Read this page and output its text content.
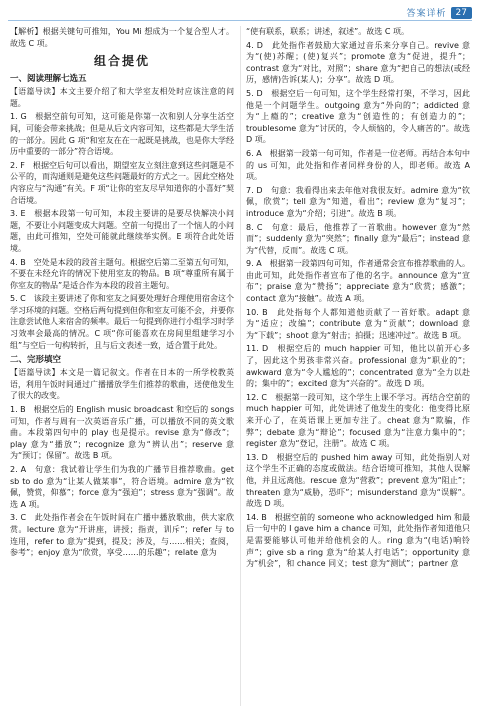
答案详析	27

【解析】根据关键句可推知，You Mi 想成为一个复合型人才。故选 C 项。

组合提优
一、阅读理解七选五

【语篇导读】本文主要介绍了和大学室友相处时应该注意的问题。

1. G　根据空前句可知，这可能是你第一次和别人分享生活空间，可能会带来挑战；但是从后文内容可知，这些都是大学生活的一部分。因此 G 项“和室友在在一起既是挑战，也是你大学经历中重要的一部分”符合语境。

2. F　根据空后句可以看出，期望室友立刻注意到这些问题是不公平的，而沟通则是避免这些问题最好的方式之一。因此空格处内容应与“沟通”有关。F 项“让你的室友尽早知道你的小喜好”契合语境。

3. E　根据本段第一句可知，本段主要讲的是要尽快解决小问题，不要让小问题变成大问题。空前一句提出了一个恼人的小问题，由此可推知，空处可能就此继续举实例。E 项符合此处语境。

4. B　空处是本段的段首主题句。根据空后第二至第五句可知，不要在未经允许的情况下使用室友的物品。B 项“尊重所有属于你室友的物品”是适合作为本段的段首主题句。

5. C　该段主要讲述了你和室友之间要处理好合理使用宿舍这个学习环境的问题。空格后两句提到但你和室友可能不会，并要你注意尝试他人来宿舍的频率。最后一句提到你进行小组学习时学习效率会最高的情况。C 项“你可能喜欢在房间里组建学习小组”与空后一句构转折，且与后文表述一致，适合置于此处。

二、完形填空

【语篇导读】本文是一篇记叙文。作者在日本的一所学校教英语，利用午饭时间通过广播播放学生们推荐的歌曲，送使他发生了很大的改变。

1. B　根据空后的 English music broadcast 和空后的 songs 可知，作者与周有一次英语音乐广播，可以播放不同的英文歌曲。本段第四句中的 play 也是提示。revise 意为“修改”；play 意为“播放”；recognize 意为“辨认出”；reserve 意为“预订；保留”。故选 B 项。

2. A　句意：我试着让学生们为我的广播节目推荐歌曲。get sb to do 意为“让某人做某事”，符合语境。admire 意为“钦佩，赞赏，仰慕”；force 意为“强迫”；stress 意为“强调”。故选 A 项。

3. C　此处指作者会在午饭时间在广播中播放歌曲，供大家欣赏。lecture 意为“开讲座，讲授；指责，训斥”；refer 与 to 连用，refer to 意为“提到，提及；涉及，与……相关；查阅，参考”；enjoy 意为“欣赏，享受……的乐趣”；relate 意为

“使有联系，联系；讲述，叙述”。故选 C 项。

4. D　此处指作者鼓励大家通过音乐来分享自己。revive 意为“(使)苏醒；(使)复兴”；promote 意为“促进，提升”；contrast 意为“对比，对照”；share 意为“把自己的想法(或经历，感情)告诉(某人)；分享”。故选 D 项。

5. D　根据空后一句可知，这个学生经常打架，不学习，因此他是一个问题学生。outgoing 意为“外向的”；addicted 意为“上瘾的”；creative 意为“创造性的；有创造力的”；troublesome 意为“讨厌的，令人烦恼的，令人痛苦的”。故选 D 项。

6. A　根据第一段第一句可知，作者是一位老师。再结合本句中的 us 可知，此处指和作者同样身份的人，即老师。故选 A 项。

7. D　句意：我看得出来去年他对我很友好。admire 意为“钦佩，欣赏”；tell 意为“知道，看出”；review 意为“复习”；introduce 意为“介绍；引进”。故选 B 项。

8. C　句意：最后，他推荐了一首歌曲。however 意为“然而”；suddenly 意为“突然”；finally 意为“最后”；instead 意为“代替，反而”。故选 C 项。

9. A　根据第一段第四句可知，作者通常会宣布推荐歌曲的人。由此可知，此处指作者宣布了他的名字。announce 意为“宣布”；praise 意为“赞扬”；appreciate 意为“欣赏；感激”；contact 意为“接触”。故选 A 项。

10. B　此处指每个人都知道他贡献了一首好歌。adapt 意为“适应；改编”；contribute 意为“贡献”；download 意为“下载”；shoot 意为“射击；拍摄；迅速冲过”。故选 B 项。

11. D　根据空后的 much happier 可知，他比以前开心多了，因此这个男孩非常兴奋。professional 意为“职业的”；awkward 意为“令人尴尬的”；concentrated 意为“全力以赴的；集中的”；excited 意为“兴奋的”。故选 D 项。

12. C　根据第一段可知，这个学生上课不学习。再结合空前的 much happier 可知，此处讲述了他发生的变化：他变得比原来开心了，在英语课上更加专注了。cheat 意为“欺骗，作弊”；debate 意为“辩论”；focused 意为“注意力集中的”；register 意为“登记，注册”。故选 C 项。

13. D　根据空后的 pushed him away 可知，此处指别人对这个学生不正确的态度或做法。结合语境可推知，其他人误解他，并且远离他。rescue 意为“营救”；prevent 意为“阻止”；threaten 意为“威胁，恐吓”；misunderstand 意为“误解”。故选 D 项。

14. B　根据空前的 someone who acknowledged him 和最后一句中的 I gave him a chance 可知，此处指作者知道他只是需要能够认可他并给他机会的人。ring 意为“(电话)响铃声”；give sb a ring 意为“给某人打电话”；opportunity 意为“机会”，和 chance 同义；test 意为“测试”；partner 意
